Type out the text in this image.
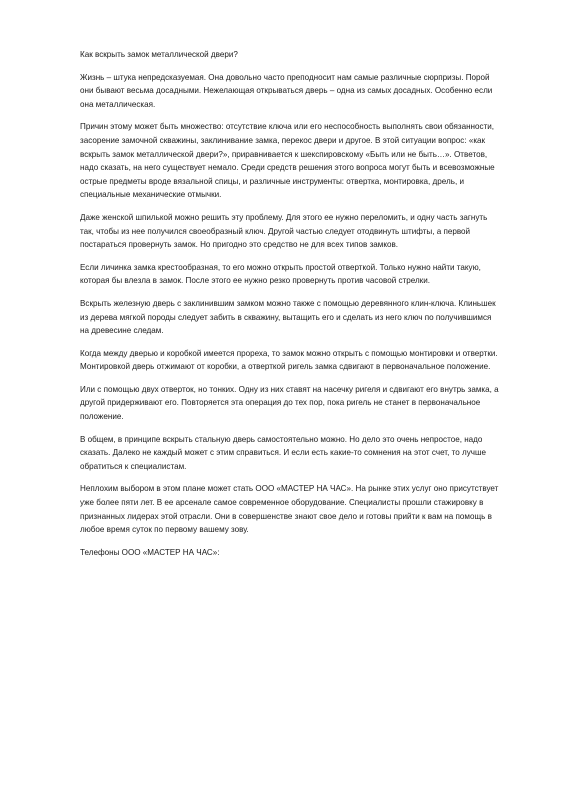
Как вскрыть замок металлической двери?

Жизнь – штука непредсказуемая. Она довольно часто преподносит нам самые различные сюрпризы. Порой они бывают весьма досадными. Нежелающая открываться дверь – одна из самых досадных. Особенно если она металлическая.

Причин этому может быть множество: отсутствие ключа или его неспособность выполнять свои обязанности, засорение замочной скважины, заклинивание замка, перекос двери и другое. В этой ситуации вопрос: «как вскрыть замок металлической двери?», приравнивается к шекспировскому «Быть или не быть…». Ответов, надо сказать, на него существует немало. Среди средств решения этого вопроса могут быть и всевозможные острые предметы вроде вязальной спицы, и различные инструменты: отвертка, монтировка, дрель, и специальные механические отмычки.

Даже женской шпилькой можно решить эту проблему. Для этого ее нужно переломить, и одну часть загнуть так, чтобы из нее получился своеобразный ключ. Другой частью следует отодвинуть штифты, а первой постараться провернуть замок. Но пригодно это средство не для всех типов замков.

Если личинка замка крестообразная, то его можно открыть простой отверткой. Только нужно найти такую, которая бы влезла в замок. После этого ее нужно резко провернуть против часовой стрелки.

Вскрыть железную дверь с заклинившим замком можно также с помощью деревянного клин-ключа. Клиньшек из дерева мягкой породы следует забить в скважину, вытащить его и сделать из него ключ по получившимся на древесине следам.

Когда между дверью и коробкой имеется прореха, то замок можно открыть с помощью монтировки и отвертки. Монтировкой дверь отжимают от коробки, а отверткой ригель замка сдвигают в первоначальное положение.

Или с помощью двух отверток, но тонких. Одну из них ставят на насечку ригеля и сдвигают его внутрь замка, а другой придерживают его. Повторяется эта операция до тех пор, пока ригель не станет в первоначальное положение.

В общем, в принципе вскрыть стальную дверь самостоятельно можно. Но дело это очень непростое, надо сказать. Далеко не каждый может с этим справиться. И если есть какие-то сомнения на этот счет, то лучше обратиться к специалистам.

Неплохим выбором в этом плане может стать ООО «МАСТЕР НА ЧАС». На рынке этих услуг оно присутствует уже более пяти лет. В ее арсенале самое современное оборудование. Специалисты прошли стажировку в признанных лидерах этой отрасли. Они в совершенстве знают свое дело и готовы прийти к вам на помощь в любое время суток по первому вашему зову.

Телефоны ООО «МАСТЕР НА ЧАС»:
